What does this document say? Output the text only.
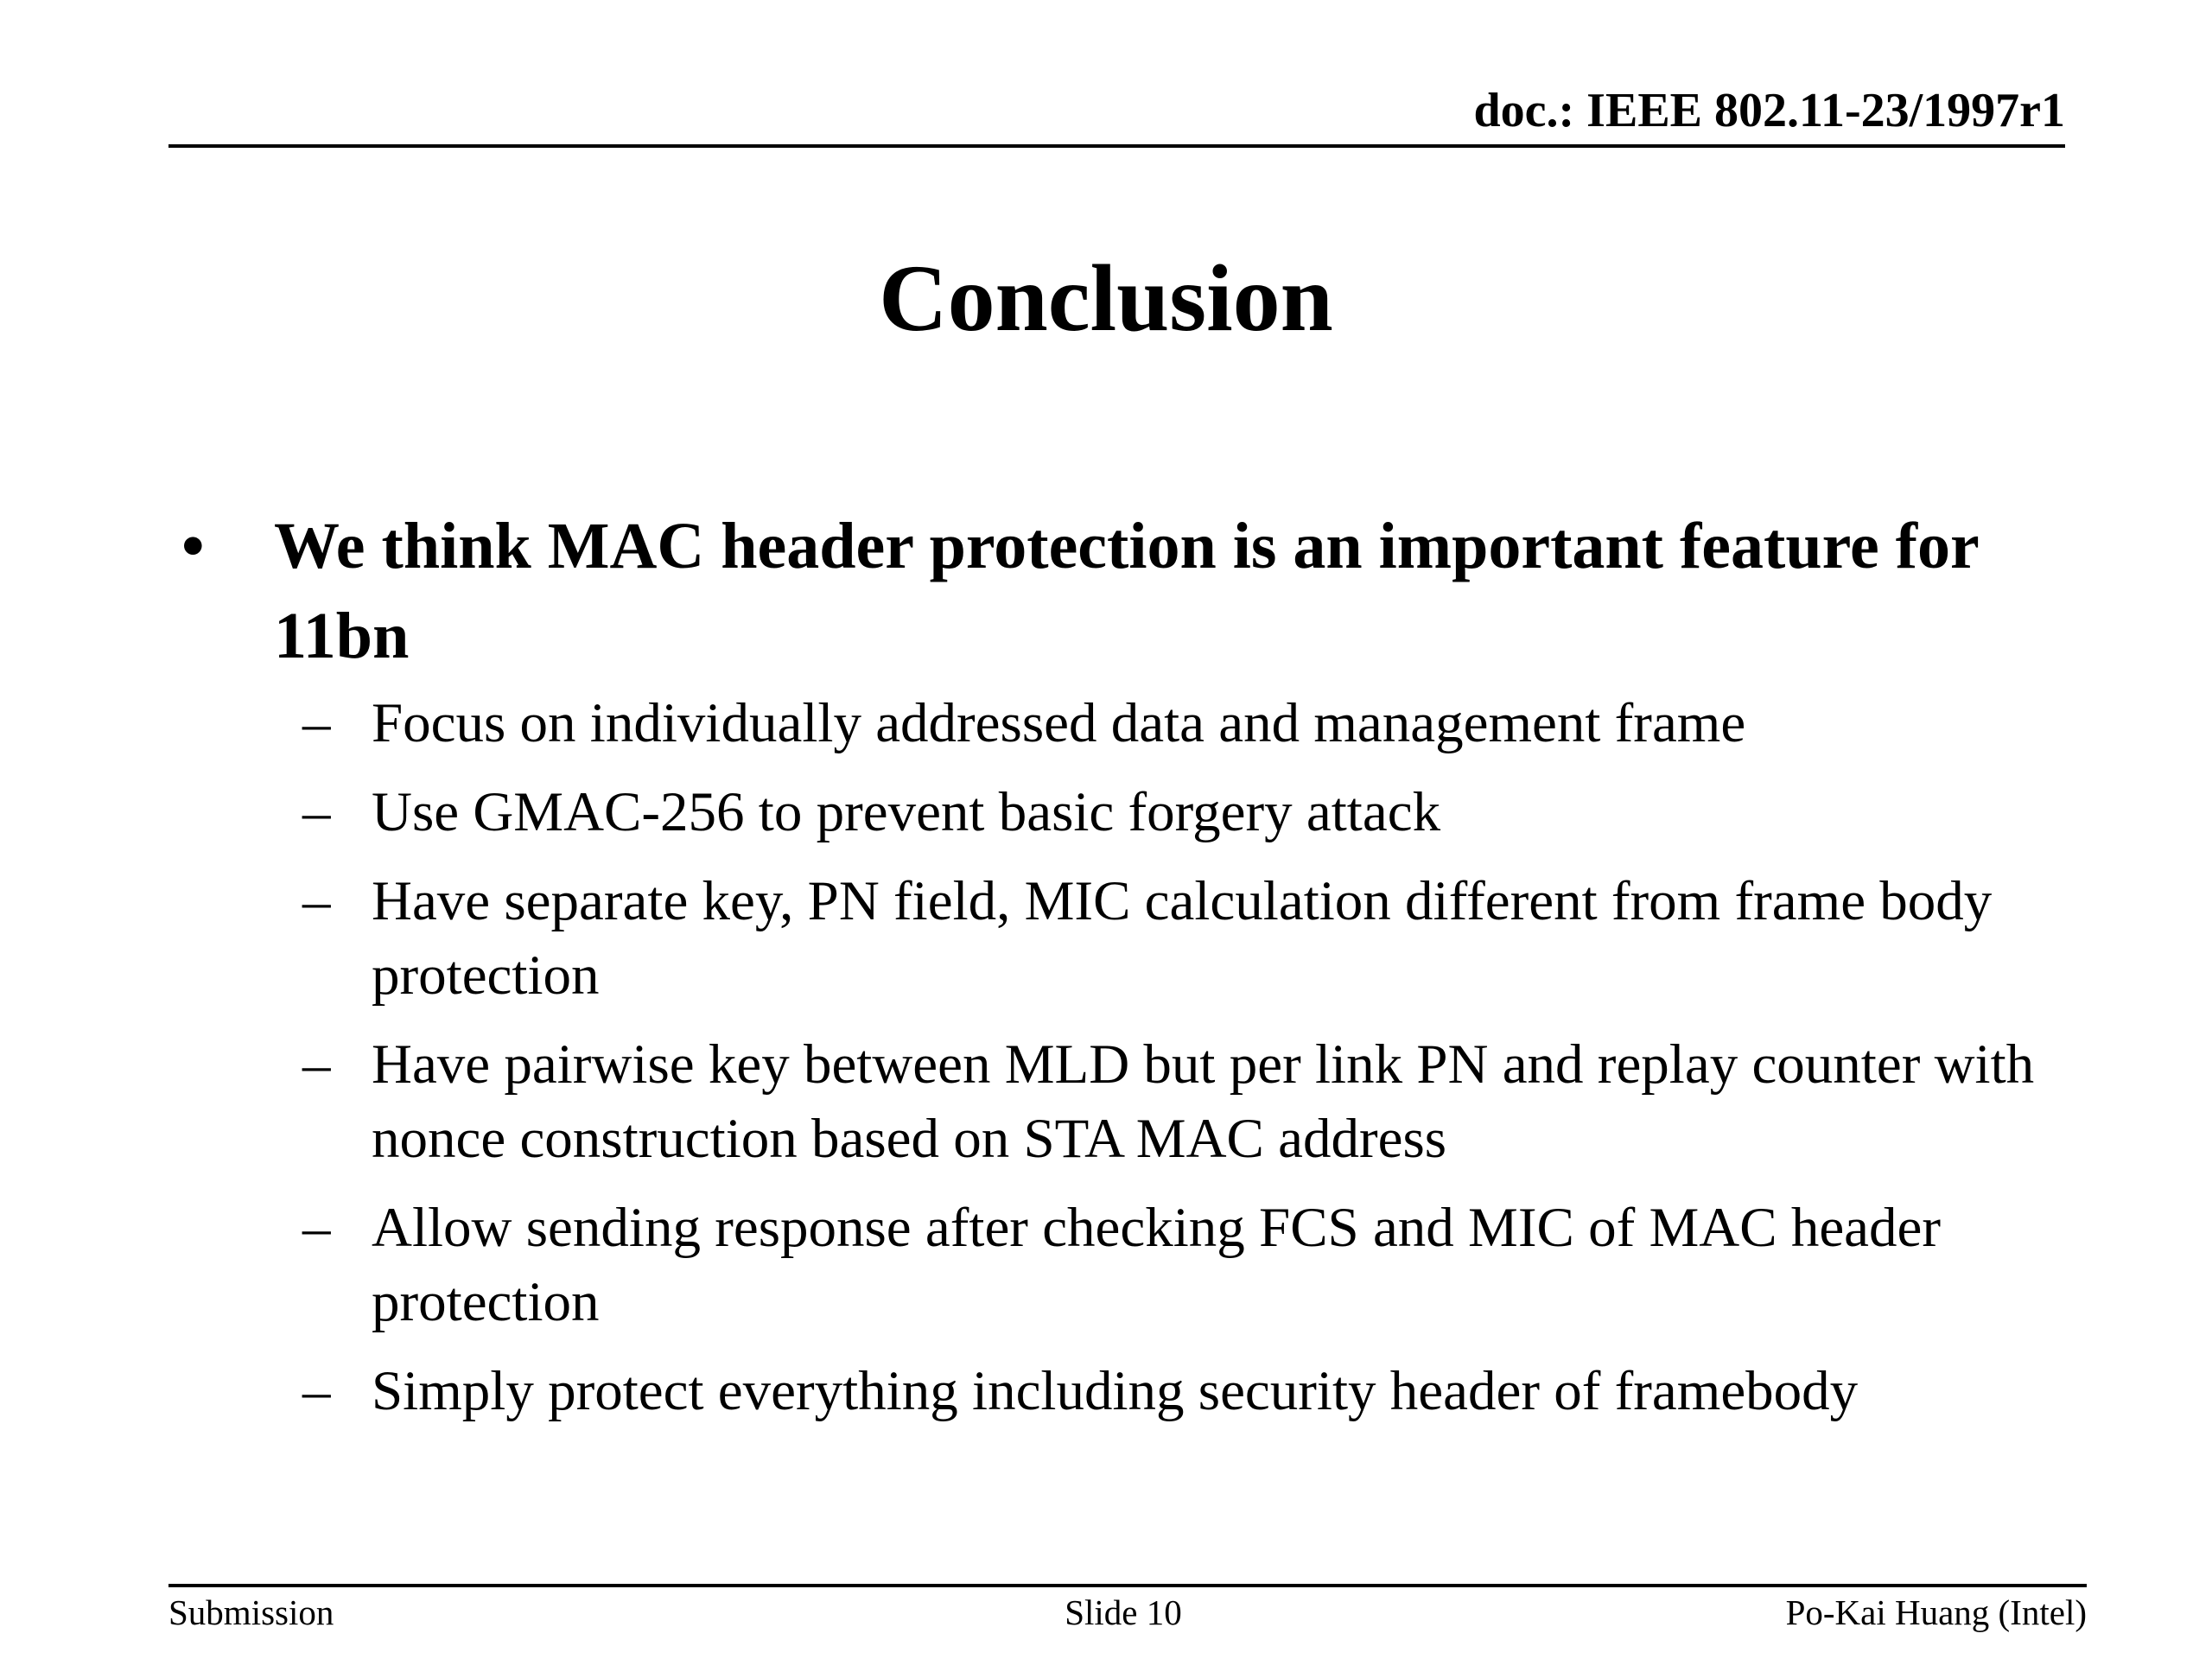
doc.: IEEE 802.11-23/1997r1
Conclusion
• We think MAC header protection is an important feature for 11bn
– Focus on individually addressed data and management frame
– Use GMAC-256 to prevent basic forgery attack
– Have separate key, PN field, MIC calculation different from frame body protection
– Have pairwise key between MLD but per link PN and replay counter with nonce construction based on STA MAC address
– Allow sending response after checking FCS and MIC of MAC header protection
– Simply protect everything including security header of framebody
Submission	Slide 10	Po-Kai Huang (Intel)
